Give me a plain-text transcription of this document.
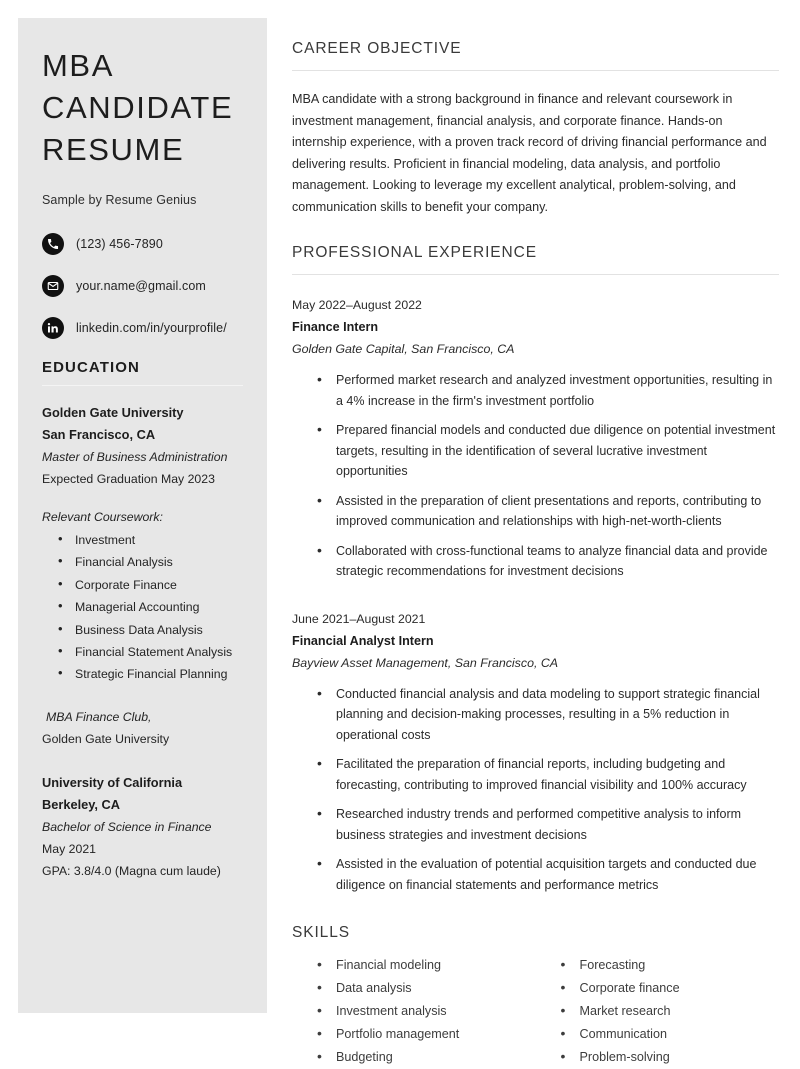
MBA
CANDIDATE
RESUME
Sample by Resume Genius
(123) 456-7890
your.name@gmail.com
linkedin.com/in/yourprofile/
EDUCATION
Golden Gate University
San Francisco, CA
Master of Business Administration
Expected Graduation May 2023
Relevant Coursework:
• Investment
• Financial Analysis
• Corporate Finance
• Managerial Accounting
• Business Data Analysis
• Financial Statement Analysis
• Strategic Financial Planning
MBA Finance Club,
Golden Gate University
University of California
Berkeley, CA
Bachelor of Science in Finance
May 2021
GPA: 3.8/4.0 (Magna cum laude)
CAREER OBJECTIVE

MBA candidate with a strong background in finance and relevant coursework in investment management, financial analysis, and corporate finance. Hands-on internship experience, with a proven track record of driving financial performance and delivering results. Proficient in financial modeling, data analysis, and portfolio management. Looking to leverage my excellent analytical, problem-solving, and communication skills to benefit your company.

PROFESSIONAL EXPERIENCE
May 2022–August 2022
Finance Intern
Golden Gate Capital, San Francisco, CA
• Performed market research and analyzed investment opportunities, resulting in a 4% increase in the firm's investment portfolio
• Prepared financial models and conducted due diligence on potential investment targets, resulting in the identification of several lucrative investment opportunities
• Assisted in the preparation of client presentations and reports, contributing to improved communication and relationships with high-net-worth-clients
• Collaborated with cross-functional teams to analyze financial data and provide strategic recommendations for investment decisions
June 2021–August 2021
Financial Analyst Intern
Bayview Asset Management, San Francisco, CA
• Conducted financial analysis and data modeling to support strategic financial planning and decision-making processes, resulting in a 5% reduction in operational costs
• Facilitated the preparation of financial reports, including budgeting and forecasting, contributing to improved financial visibility and 100% accuracy
• Researched industry trends and performed competitive analysis to inform business strategies and investment decisions
• Assisted in the evaluation of potential acquisition targets and conducted due diligence on financial statements and performance metrics
SKILLS
• Financial modeling
• Data analysis
• Investment analysis
• Portfolio management
• Budgeting
• Forecasting
• Corporate finance
• Market research
• Communication
• Problem-solving
